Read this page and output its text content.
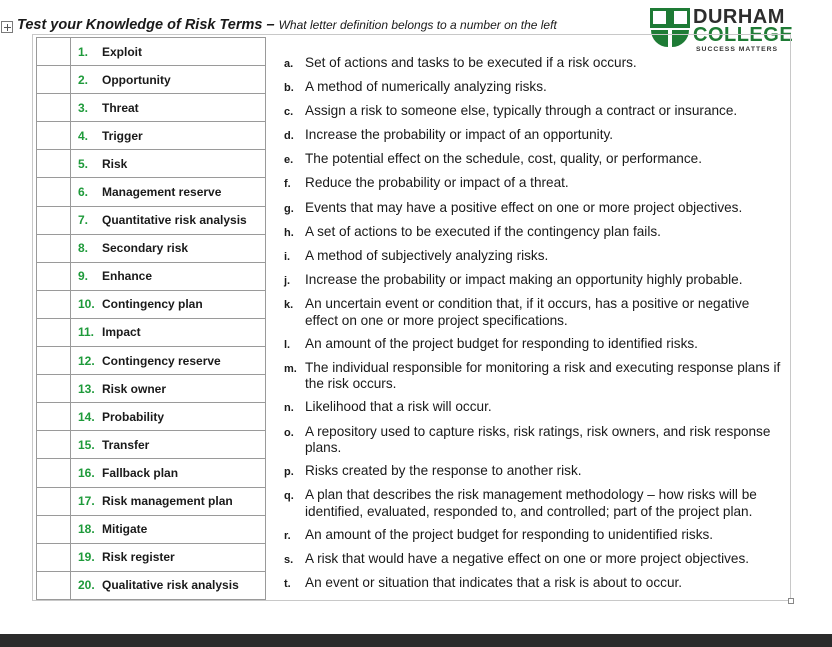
Test your Knowledge of Risk Terms – What letter definition belongs to a number on the left	DURHAM
COLLEGE
SUCCESS MATTERS
	1. Exploit
	2. Opportunity
	3. Threat
	4. Trigger
	5. Risk
	6. Management reserve
	7. Quantitative risk analysis
	8. Secondary risk
	9. Enhance
	10. Contingency plan
	11. Impact
	12. Contingency reserve
	13. Risk owner
	14. Probability
	15. Transfer
	16. Fallback plan
	17. Risk management plan
	18. Mitigate
	19. Risk register
	20. Qualitative risk analysis
a. Set of actions and tasks to be executed if a risk occurs.
b. A method of numerically analyzing risks.
c. Assign a risk to someone else, typically through a contract or insurance.
d. Increase the probability or impact of an opportunity.
e. The potential effect on the schedule, cost, quality, or performance.
f.	Reduce the probability or impact of a threat.
g. Events that may have a positive effect on one or more project objectives.
h. A set of actions to be executed if the contingency plan fails.
i.	A method of subjectively analyzing risks.
j.	Increase the probability or impact making an opportunity highly probable.
k. An uncertain event or condition that, if it occurs, has a positive or negative effect on one or more project specifications.
l.	An amount of the project budget for responding to identified risks.
m. The individual responsible for monitoring a risk and executing response plans if the risk occurs.
n. Likelihood that a risk will occur.
o. A repository used to capture risks, risk ratings, risk owners, and risk response plans.
p. Risks created by the response to another risk.
q. A plan that describes the risk management methodology – how risks will be identified, evaluated, responded to, and controlled; part of the project plan.
r.	An amount of the project budget for responding to unidentified risks.
s. A risk that would have a negative effect on one or more project objectives.
t.	An event or situation that indicates that a risk is about to occur.
